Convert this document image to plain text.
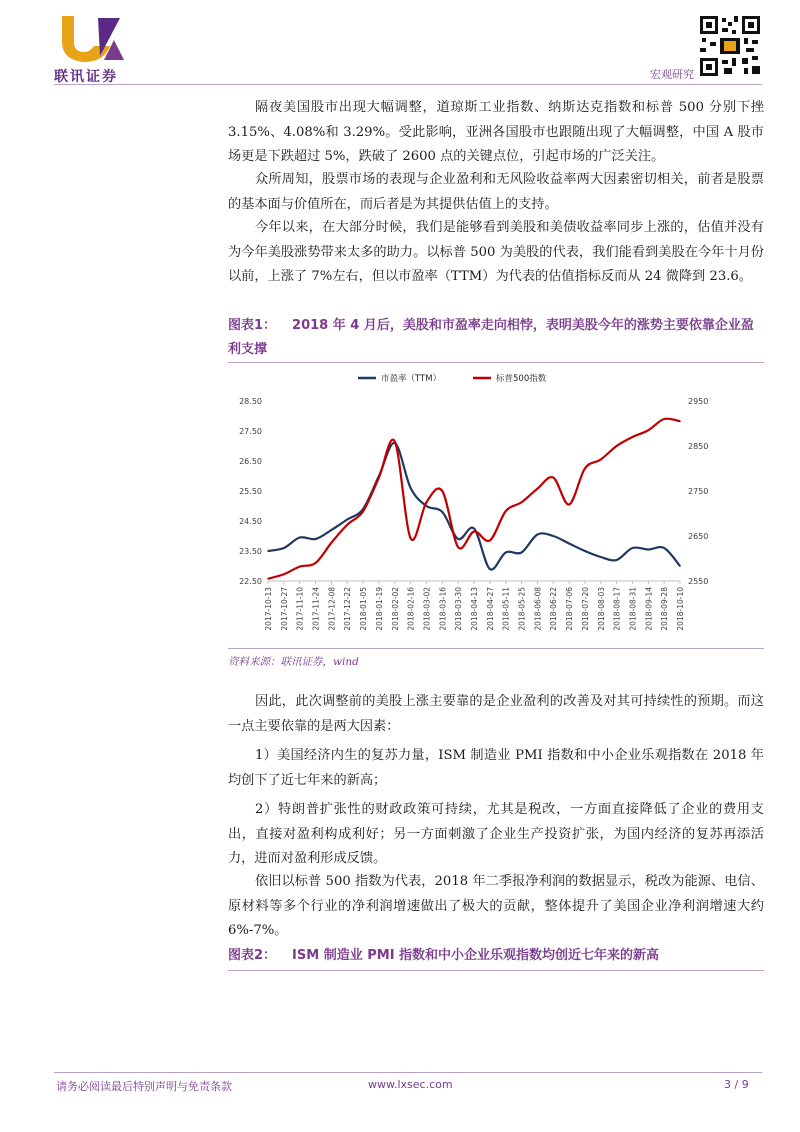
联讯证券	宏观研究

隔夜美国股市出现大幅调整，道琼斯工业指数、纳斯达克指数和标普 500 分别下挫 3.15%、4.08%和 3.29%。受此影响，亚洲各国股市也跟随出现了大幅调整，中国 A 股市场更是下跌超过 5%，跌破了 2600 点的关键点位，引起市场的广泛关注。

众所周知，股票市场的表现与企业盈利和无风险收益率两大因素密切相关，前者是股票的基本面与价值所在，而后者是为其提供估值上的支持。

今年以来，在大部分时候，我们是能够看到美股和美债收益率同步上涨的，估值并没有为今年美股涨势带来太多的助力。以标普 500 为美股的代表，我们能看到美股在今年十月份以前，上涨了 7%左右，但以市盈率（TTM）为代表的估值指标反而从 24 微降到 23.6。

图表1： 2018 年 4 月后，美股和市盈率走向相悖，表明美股今年的涨势主要依靠企业盈利支撑
市盈率（TTM）	标普500指数
22.50
23.50
24.50
25.50
26.50
27.50
28.50
2550
2650
2750
2850
2950
2017-10-13 2017-10-27 2017-11-10 2017-11-24 2017-12-08 2017-12-22 2018-01-05 2018-01-19 2018-02-02 2018-02-16 2018-03-02 2018-03-16 2018-03-30 2018-04-13 2018-04-27 2018-05-11 2018-05-25 2018-06-08 2018-06-22 2018-07-06 2018-07-20 2018-08-03 2018-08-17 2018-08-31 2018-09-14 2018-09-28 2018-10-10
资料来源：联讯证券，wind

因此，此次调整前的美股上涨主要靠的是企业盈利的改善及对其可持续性的预期。而这一点主要依靠的是两大因素：

1）美国经济内生的复苏力量，ISM 制造业 PMI 指数和中小企业乐观指数在 2018 年均创下了近七年来的新高；

2）特朗普扩张性的财政政策可持续，尤其是税改，一方面直接降低了企业的费用支出，直接对盈利构成利好；另一方面刺激了企业生产投资扩张，为国内经济的复苏再添活力，进而对盈利形成反馈。

依旧以标普 500 指数为代表，2018 年二季报净利润的数据显示，税改为能源、电信、原材料等多个行业的净利润增速做出了极大的贡献，整体提升了美国企业净利润增速大约 6%-7%。

图表2： ISM 制造业 PMI 指数和中小企业乐观指数均创近七年来的新高
请务必阅读最后特别声明与免责条款	www.lxsec.com	3 / 9
